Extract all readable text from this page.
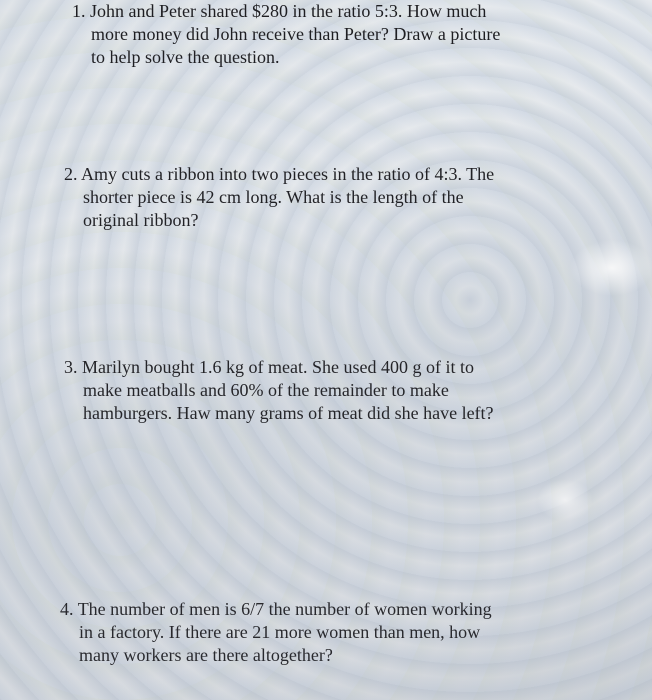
1. John and Peter shared $280 in the ratio 5:3. How much
more money did John receive than Peter? Draw a picture
to help solve the question.
2. Amy cuts a ribbon into two pieces in the ratio of 4:3. The
shorter piece is 42 cm long. What is the length of the
original ribbon?
3. Marilyn bought 1.6 kg of meat. She used 400 g of it to
make meatballs and 60% of the remainder to make
hamburgers. Haw many grams of meat did she have left?
4. The number of men is 6/7 the number of women working
in a factory. If there are 21 more women than men, how
many workers are there altogether?
